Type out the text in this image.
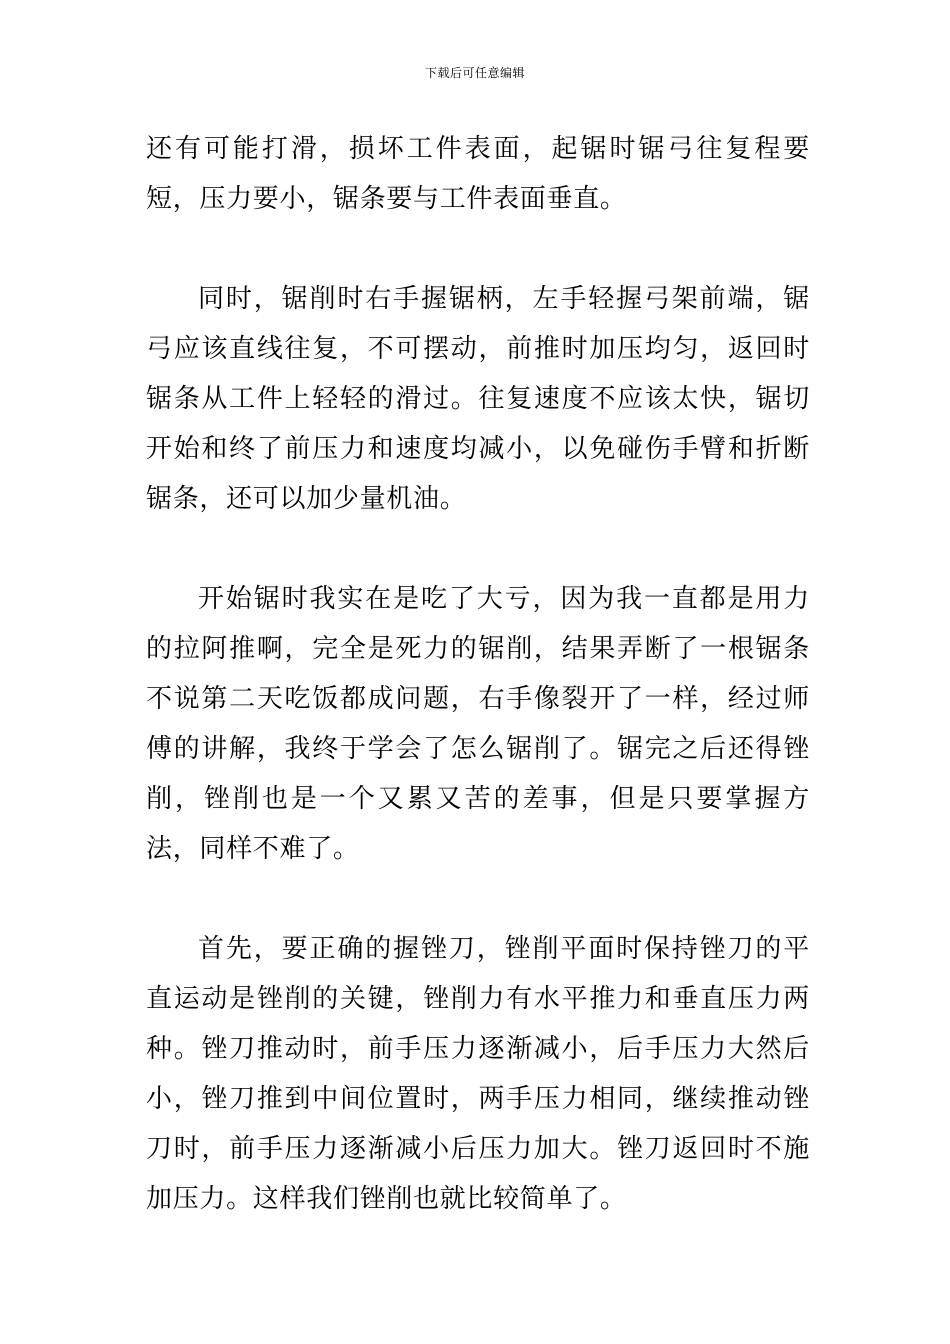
下载后可任意编辑

还有可能打滑，损坏工件表面，起锯时锯弓往复程要短，压力要小，锯条要与工件表面垂直。

同时，锯削时右手握锯柄，左手轻握弓架前端，锯弓应该直线往复，不可摆动，前推时加压均匀，返回时锯条从工件上轻轻的滑过。往复速度不应该太快，锯切开始和终了前压力和速度均减小，以免碰伤手臂和折断锯条，还可以加少量机油。

开始锯时我实在是吃了大亏，因为我一直都是用力的拉阿推啊，完全是死力的锯削，结果弄断了一根锯条不说第二天吃饭都成问题，右手像裂开了一样，经过师傅的讲解，我终于学会了怎么锯削了。锯完之后还得锉削，锉削也是一个又累又苦的差事，但是只要掌握方法，同样不难了。

首先，要正确的握锉刀，锉削平面时保持锉刀的平直运动是锉削的关键，锉削力有水平推力和垂直压力两种。锉刀推动时，前手压力逐渐减小，后手压力大然后小，锉刀推到中间位置时，两手压力相同，继续推动锉刀时，前手压力逐渐减小后压力加大。锉刀返回时不施加压力。这样我们锉削也就比较简单了。
